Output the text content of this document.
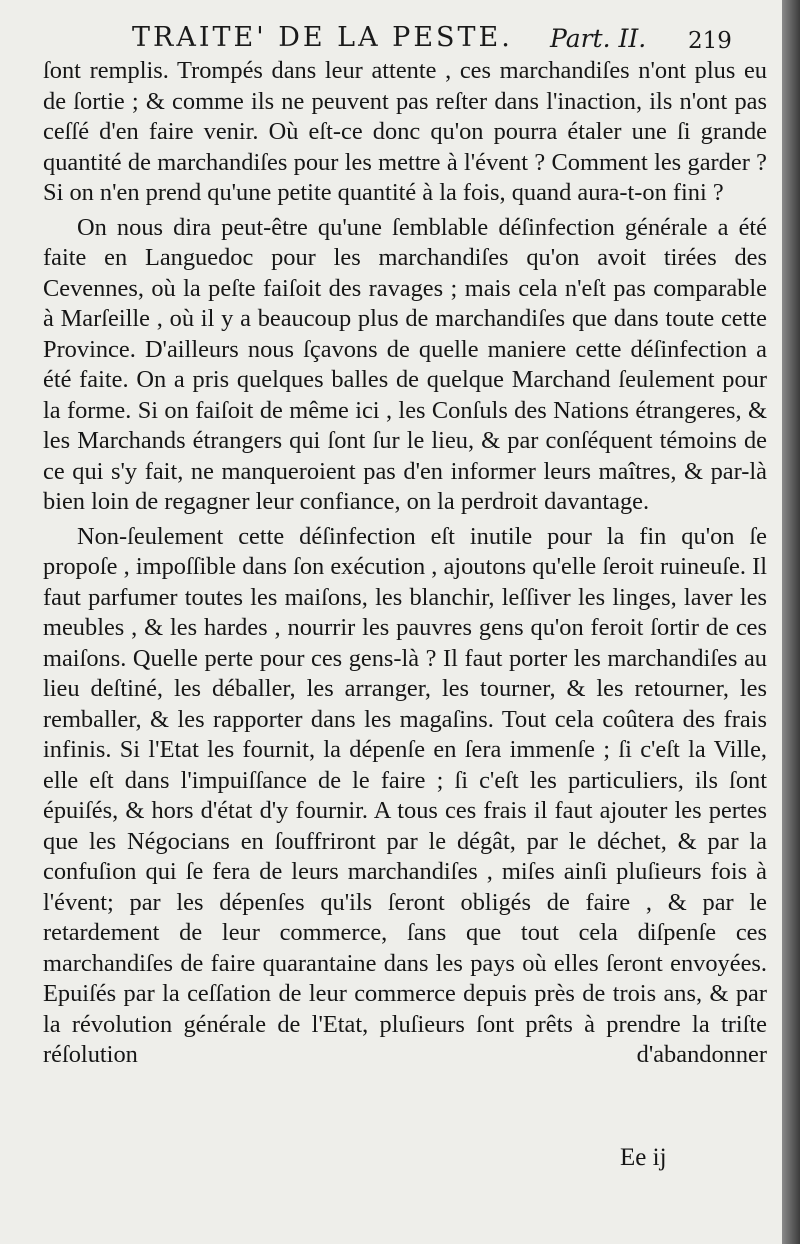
TRAITE' DE LA PESTE. Part. II. 219

ſont remplis. Trompés dans leur attente , ces marchandiſes n'ont plus eu de ſortie ; & comme ils ne peuvent pas reſter dans l'inaction, ils n'ont pas ceſſé d'en faire venir. Où eſt-ce donc qu'on pourra étaler une ſi grande quantité de marchandiſes pour les mettre à l'évent ? Comment les garder ? Si on n'en prend qu'une petite quantité à la fois, quand aura-t-on fini ?

On nous dira peut-être qu'une ſemblable déſinfection générale a été faite en Languedoc pour les marchandiſes qu'on avoit tirées des Cevennes, où la peſte faiſoit des ravages ; mais cela n'eſt pas comparable à Marſeille , où il y a beaucoup plus de marchandiſes que dans toute cette Province. D'ailleurs nous ſçavons de quelle maniere cette déſinfection a été faite. On a pris quelques balles de quelque Marchand ſeulement pour la forme. Si on faiſoit de même ici , les Conſuls des Nations étrangeres, & les Marchands étrangers qui ſont ſur le lieu, & par conſéquent témoins de ce qui s'y fait, ne manqueroient pas d'en informer leurs maîtres, & par-là bien loin de regagner leur confiance, on la perdroit davantage.

Non-ſeulement cette déſinfection eſt inutile pour la fin qu'on ſe propoſe , impoſſible dans ſon exécution , ajoutons qu'elle ſeroit ruineuſe. Il faut parfumer toutes les maiſons, les blanchir, leſſiver les linges, laver les meubles , & les hardes , nourrir les pauvres gens qu'on feroit ſortir de ces maiſons. Quelle perte pour ces gens-là ? Il faut porter les marchandiſes au lieu deſtiné, les déballer, les arranger, les tourner, & les retourner, les remballer, & les rapporter dans les magaſins. Tout cela coûtera des frais infinis. Si l'Etat les fournit, la dépenſe en ſera immenſe ; ſi c'eſt la Ville, elle eſt dans l'impuiſſance de le faire ; ſi c'eſt les particuliers, ils ſont épuiſés, & hors d'état d'y fournir. A tous ces frais il faut ajouter les pertes que les Négocians en ſouffriront par le dégât, par le déchet, & par la confuſion qui ſe fera de leurs marchandiſes , miſes ainſi pluſieurs fois à l'évent; par les dépenſes qu'ils ſeront obligés de faire , & par le retardement de leur commerce, ſans que tout cela diſpenſe ces marchandiſes de faire quarantaine dans les pays où elles ſeront envoyées. Epuiſés par la ceſſation de leur commerce depuis près de trois ans, & par la révolution générale de l'Etat, pluſieurs ſont prêts à prendre la triſte réſolution d'abandonner

Ee ij
